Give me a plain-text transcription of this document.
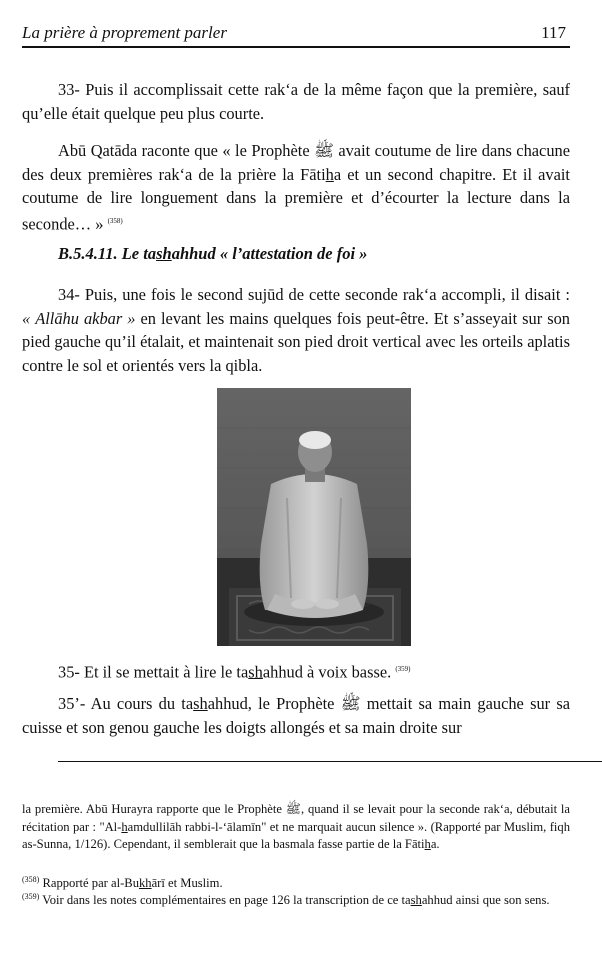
La prière à proprement parler	117

33- Puis il accomplissait cette rak‘a de la même façon que la première, sauf qu’elle était quelque peu plus courte.

Abū Qatāda raconte que « le Prophète ﷺ avait coutume de lire dans chacune des deux premières rak‘a de la prière la Fātiha et un second chapitre. Et il avait coutume de lire longuement dans la première et d’écourter la lecture dans la seconde… » $^{(358)}$

B.5.4.11. Le tashahhud « l’attestation de foi »

34- Puis, une fois le second sujūd de cette seconde rak‘a accompli, il disait : « Allāhu akbar » en levant les mains quelques fois peut-être. Et s’asseyait sur son pied gauche qu’il étalait, et maintenait son pied droit vertical avec les orteils aplatis contre le sol et orientés vers la qibla.

35- Et il se mettait à lire le tashahhud à voix basse. $^{(359)}$

35’- Au cours du tashahhud, le Prophète ﷺ mettait sa main gauche sur sa cuisse et son genou gauche les doigts allongés et sa main droite sur

la première. Abū Hurayra rapporte que le Prophète ﷺ, quand il se levait pour la seconde rak‘a, débutait la récitation par : "Al-hamdullilāh rabbi-l-‘ālamīn" et ne marquait aucun silence ». (Rapporté par Muslim, fiqh as-Sunna, 1/126). Cependant, il semblerait que la basmala fasse partie de la Fātiha.

$^{(358)}$ Rapporté par al-Bukhārī et Muslim.

$^{(359)}$ Voir dans les notes complémentaires en page 126 la transcription de ce tashahhud ainsi que son sens.
